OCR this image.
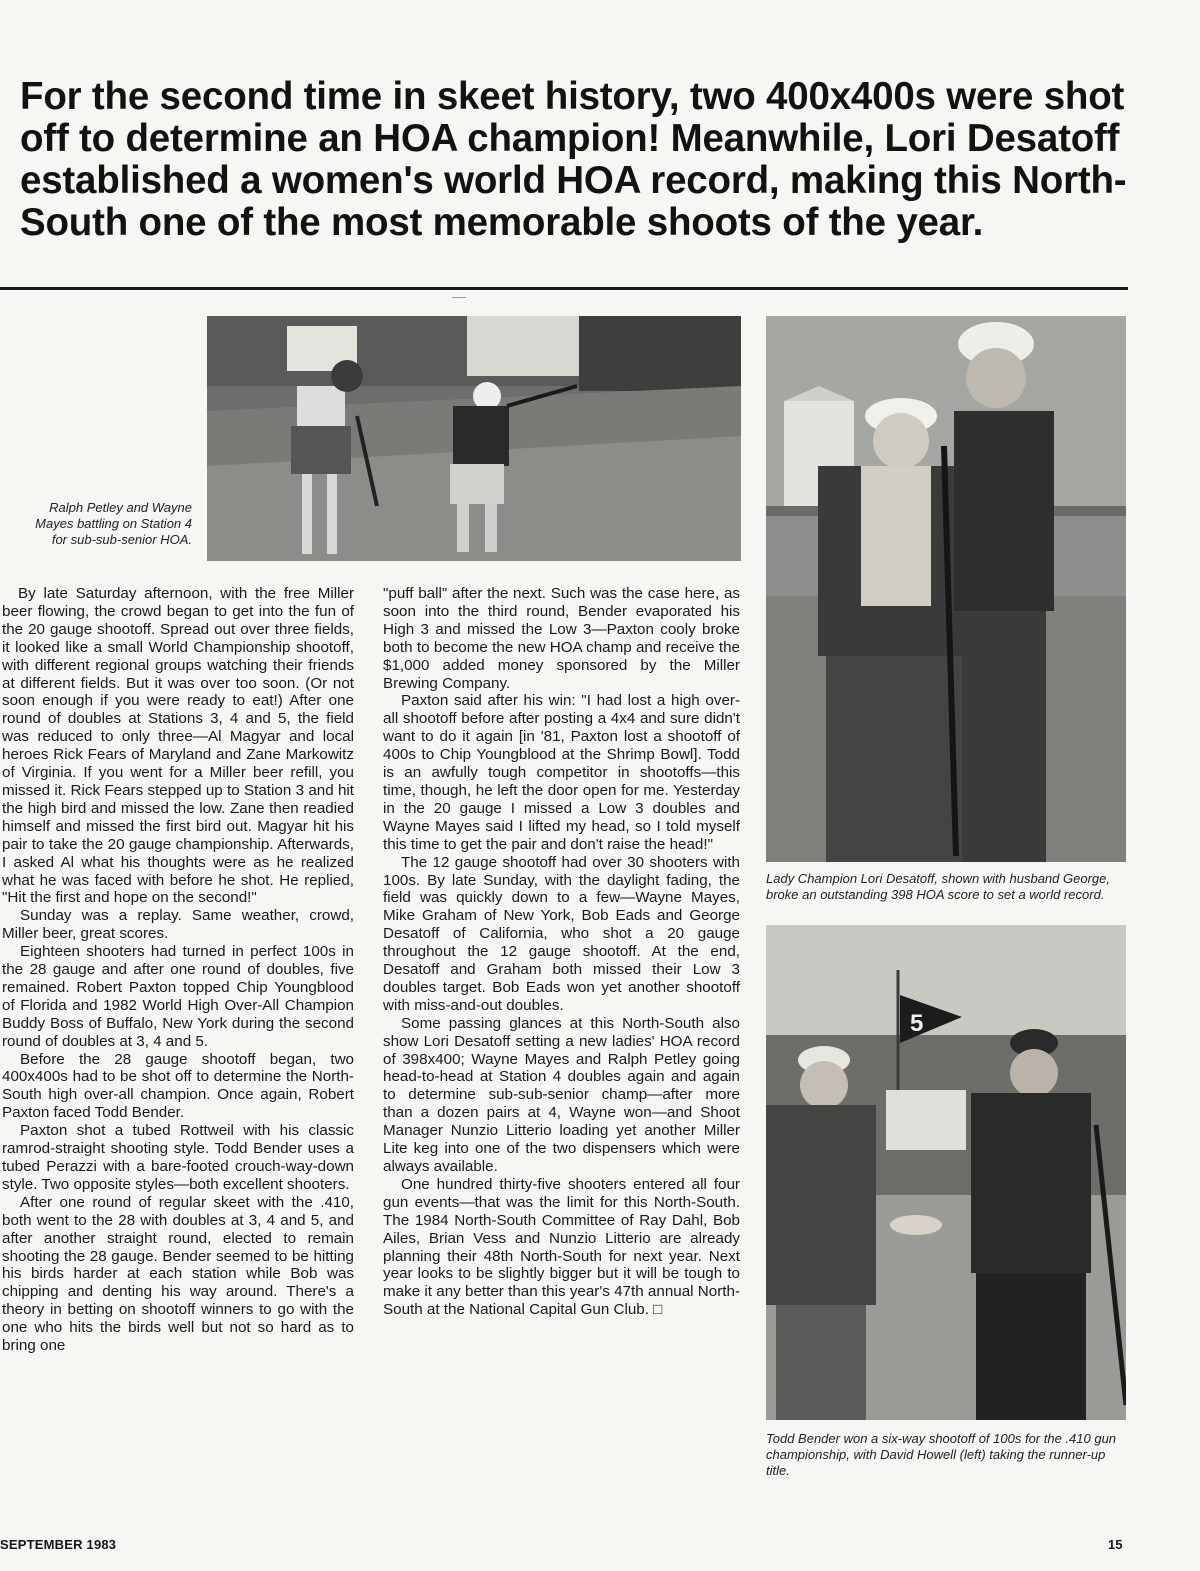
For the second time in skeet history, two 400x400s were shot off to determine an HOA champion! Meanwhile, Lori Desatoff established a women's world HOA record, making this North-South one of the most memorable shoots of the year.
Ralph Petley and Wayne Mayes battling on Station 4 for sub-sub-senior HOA.
Lady Champion Lori Desatoff, shown with husband George, broke an outstanding 398 HOA score to set a world record.
5
Todd Bender won a six-way shootoff of 100s for the .410 gun championship, with David Howell (left) taking the runner-up title.

By late Saturday afternoon, with the free Miller beer flowing, the crowd began to get into the fun of the 20 gauge shootoff. Spread out over three fields, it looked like a small World Championship shootoff, with different regional groups watching their friends at different fields. But it was over too soon. (Or not soon enough if you were ready to eat!) After one round of doubles at Stations 3, 4 and 5, the field was reduced to only three—Al Magyar and local heroes Rick Fears of Maryland and Zane Markowitz of Virginia. If you went for a Miller beer refill, you missed it. Rick Fears stepped up to Station 3 and hit the high bird and missed the low. Zane then readied himself and missed the first bird out. Magyar hit his pair to take the 20 gauge championship. Afterwards, I asked Al what his thoughts were as he realized what he was faced with before he shot. He replied, "Hit the first and hope on the second!"

Sunday was a replay. Same weather, crowd, Miller beer, great scores.

Eighteen shooters had turned in perfect 100s in the 28 gauge and after one round of doubles, five remained. Robert Paxton topped Chip Youngblood of Florida and 1982 World High Over-All Champion Buddy Boss of Buffalo, New York during the second round of doubles at 3, 4 and 5.

Before the 28 gauge shootoff began, two 400x400s had to be shot off to determine the North-South high over-all champion. Once again, Robert Paxton faced Todd Bender.

Paxton shot a tubed Rottweil with his classic ramrod-straight shooting style. Todd Bender uses a tubed Perazzi with a bare-footed crouch-way-down style. Two opposite styles—both excellent shooters.

After one round of regular skeet with the .410, both went to the 28 with doubles at 3, 4 and 5, and after another straight round, elected to remain shooting the 28 gauge. Bender seemed to be hitting his birds harder at each station while Bob was chipping and denting his way around. There's a theory in betting on shootoff winners to go with the one who hits the birds well but not so hard as to bring one

"puff ball" after the next. Such was the case here, as soon into the third round, Bender evaporated his High 3 and missed the Low 3—Paxton cooly broke both to become the new HOA champ and receive the $1,000 added money sponsored by the Miller Brewing Company.

Paxton said after his win: "I had lost a high over-all shootoff before after posting a 4x4 and sure didn't want to do it again [in '81, Paxton lost a shootoff of 400s to Chip Youngblood at the Shrimp Bowl]. Todd is an awfully tough competitor in shootoffs—this time, though, he left the door open for me. Yesterday in the 20 gauge I missed a Low 3 doubles and Wayne Mayes said I lifted my head, so I told myself this time to get the pair and don't raise the head!"

The 12 gauge shootoff had over 30 shooters with 100s. By late Sunday, with the daylight fading, the field was quickly down to a few—Wayne Mayes, Mike Graham of New York, Bob Eads and George Desatoff of California, who shot a 20 gauge throughout the 12 gauge shootoff. At the end, Desatoff and Graham both missed their Low 3 doubles target. Bob Eads won yet another shootoff with miss-and-out doubles.

Some passing glances at this North-South also show Lori Desatoff setting a new ladies' HOA record of 398x400; Wayne Mayes and Ralph Petley going head-to-head at Station 4 doubles again and again to determine sub-sub-senior champ—after more than a dozen pairs at 4, Wayne won—and Shoot Manager Nunzio Litterio loading yet another Miller Lite keg into one of the two dispensers which were always available.

One hundred thirty-five shooters entered all four gun events—that was the limit for this North-South. The 1984 North-South Committee of Ray Dahl, Bob Ailes, Brian Vess and Nunzio Litterio are already planning their 48th North-South for next year. Next year looks to be slightly bigger but it will be tough to make it any better than this year's 47th annual North-South at the National Capital Gun Club. □

SEPTEMBER 1983	15
